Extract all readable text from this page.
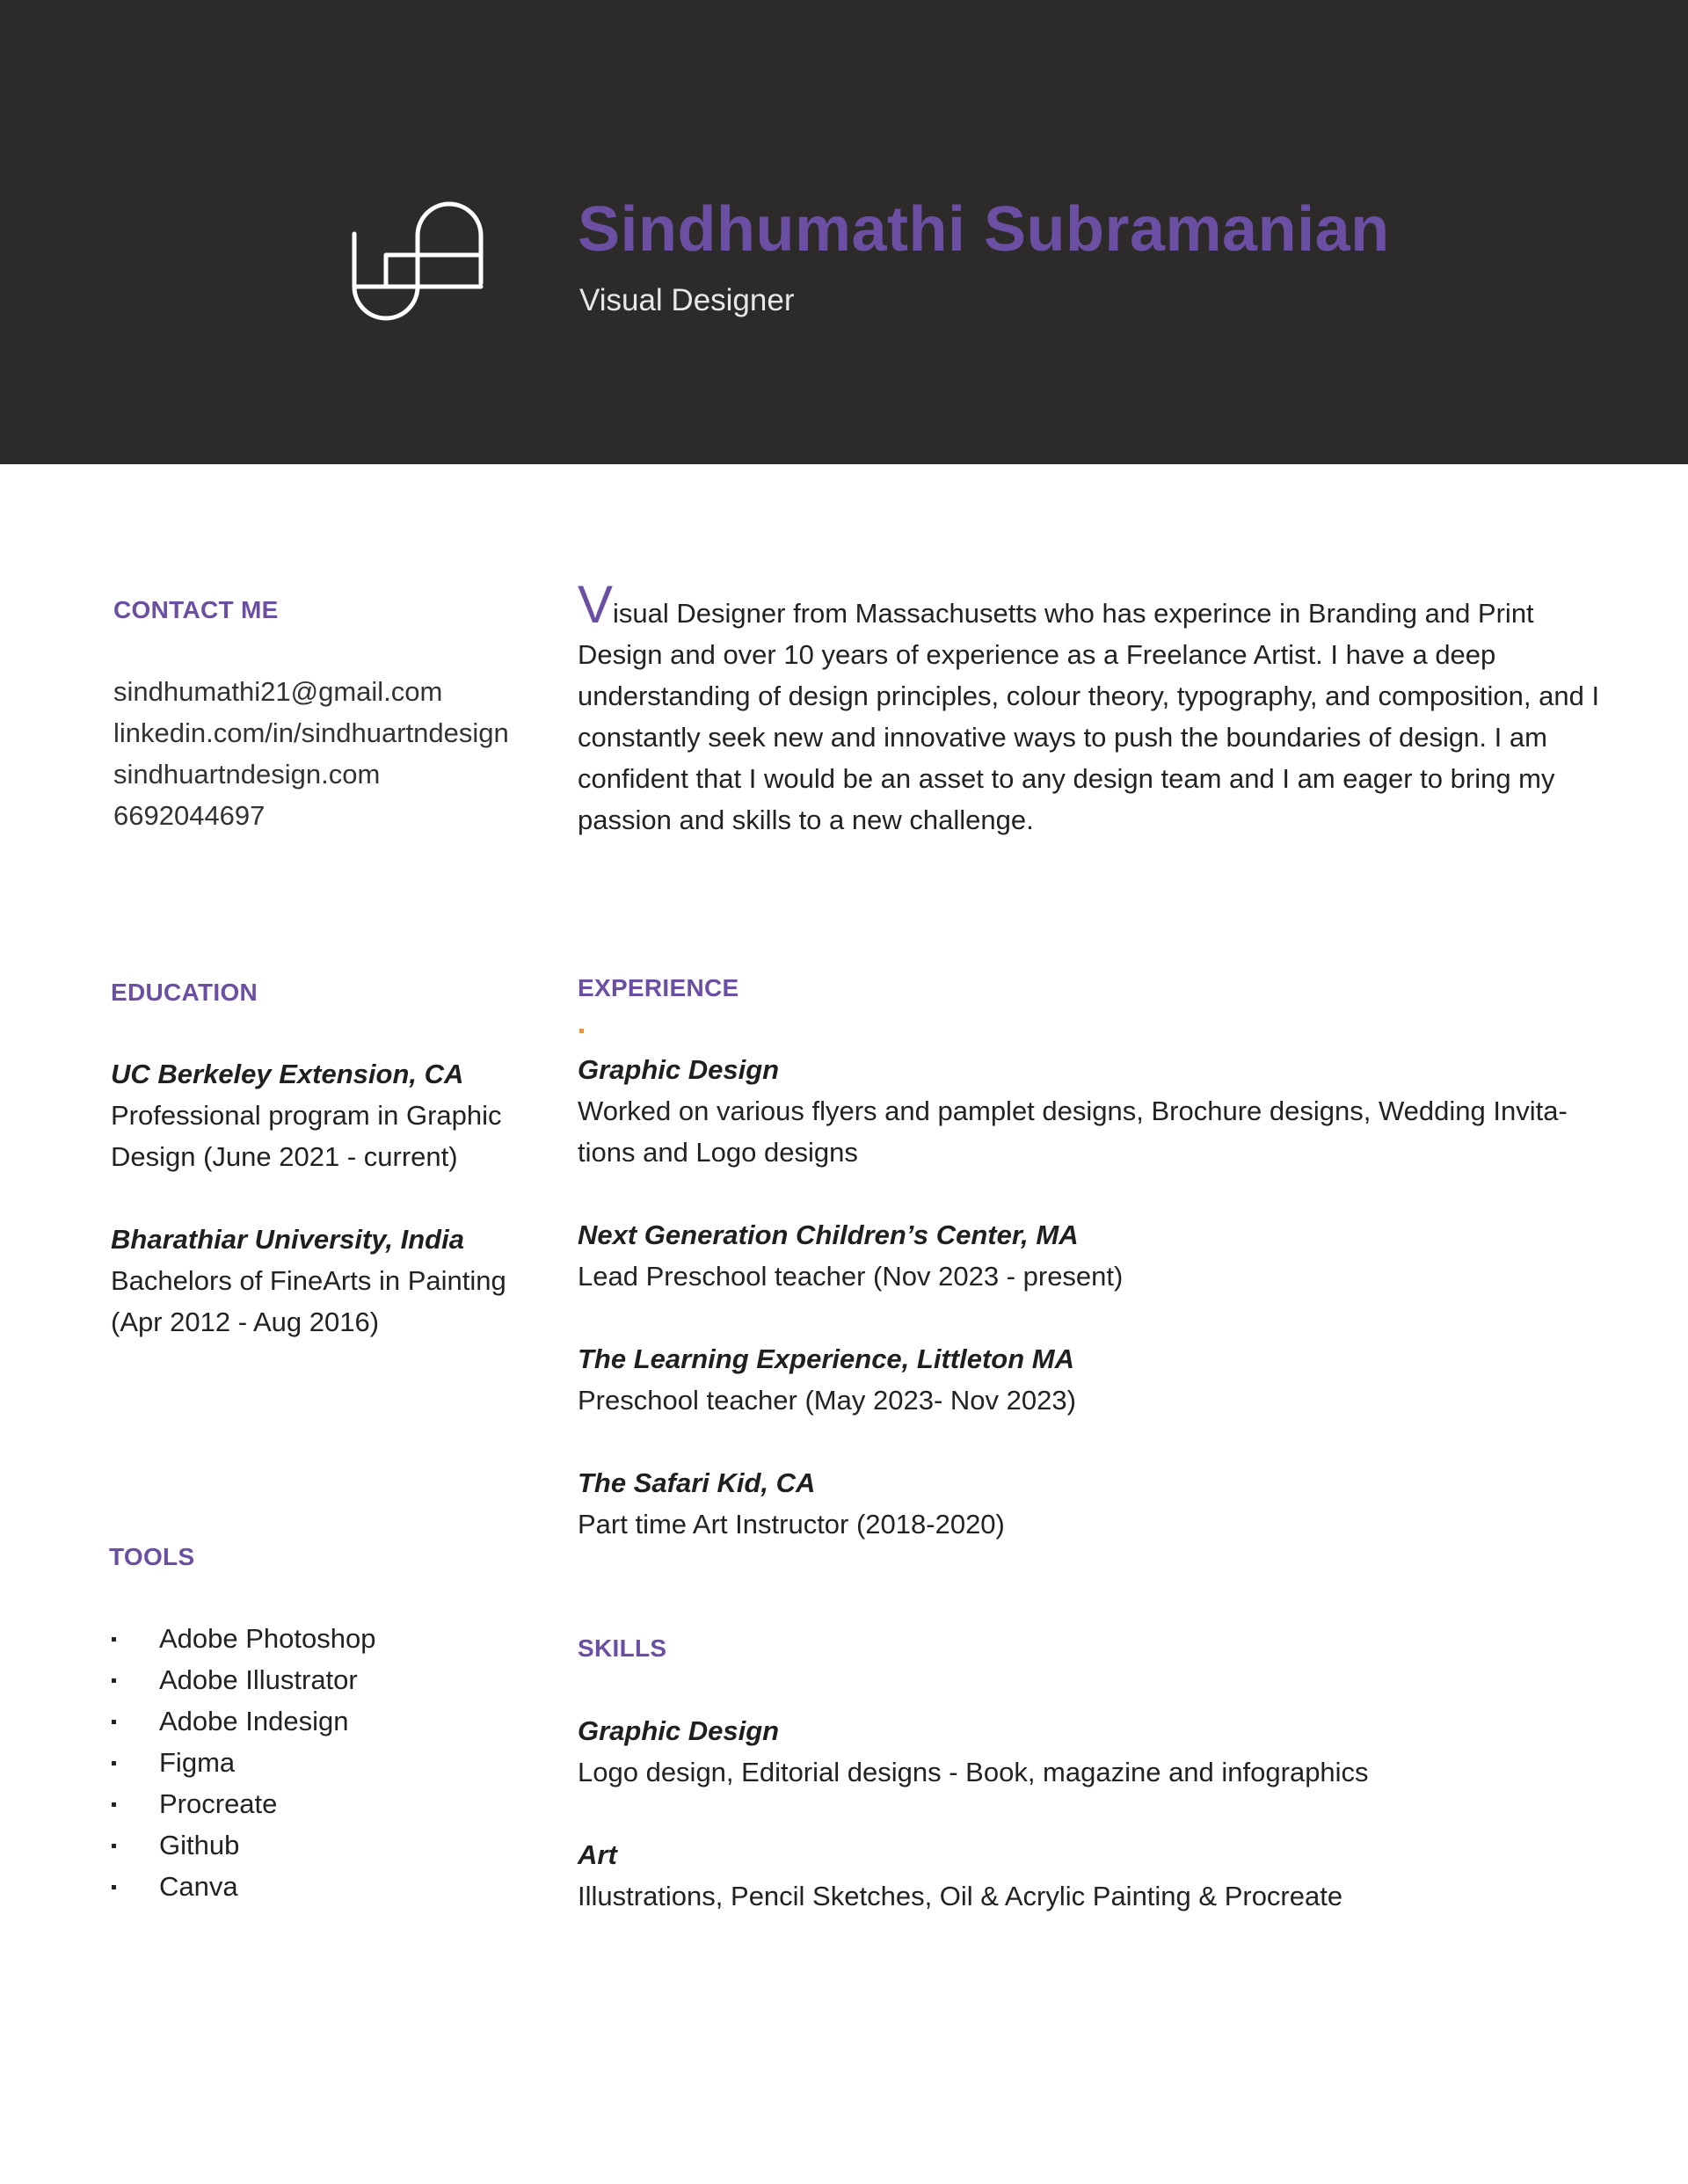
Sindhumathi Subramanian
Visual Designer
CONTACT ME
sindhumathi21@gmail.com
linkedin.com/in/sindhuartndesign
sindhuartndesign.com
6692044697
Visual Designer from Massachusetts who has experince in Branding and Print Design and over 10 years of experience as a Freelance Artist. I have a deep understanding of design principles, colour theory, typography, and composition, and I constantly seek new and innovative ways to push the boundaries of design. I am confident that I would be an asset to any design team and I am eager to bring my passion and skills to a new challenge.
EDUCATION
UC Berkeley Extension, CA
Professional program in Graphic Design (June 2021 - current)
Bharathiar University, India
Bachelors of FineArts in Painting (Apr 2012 - Aug 2016)
EXPERIENCE
Graphic Design
Worked on various flyers and pamplet designs, Brochure designs, Wedding Invita-tions and Logo designs
Next Generation Children’s Center, MA
Lead Preschool teacher (Nov 2023 - present)
The Learning Experience, Littleton MA
Preschool teacher (May 2023- Nov 2023)
The Safari Kid, CA
Part time Art Instructor (2018-2020)
TOOLS
Adobe Photoshop
Adobe Illustrator
Adobe Indesign
Figma
Procreate
Github
Canva
SKILLS
Graphic Design
Logo design, Editorial designs - Book, magazine and infographics
Art
Illustrations, Pencil Sketches, Oil & Acrylic Painting & Procreate
